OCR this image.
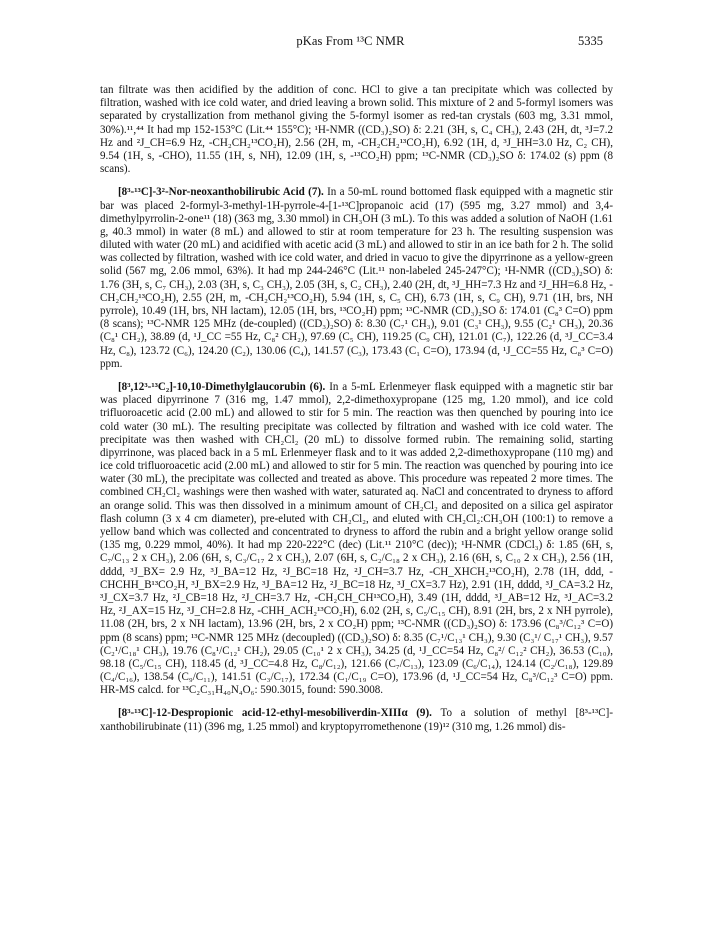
pKas From ¹³C NMR	5335

tan filtrate was then acidified by the addition of conc. HCl to give a tan precipitate which was collected by filtration, washed with ice cold water, and dried leaving a brown solid. This mixture of 2 and 5-formyl isomers was separated by crystallization from methanol giving the 5-formyl isomer as red-tan crystals (603 mg, 3.31 mmol, 30%).¹¹,⁴⁴ It had mp 152-153°C (Lit.⁴⁴ 155°C); ¹H-NMR ((CD₃)₂SO) δ: 2.21 (3H, s, C₄ CH₃), 2.43 (2H, dt, ³J=7.2 Hz and ²J_CH=6.9 Hz, -CH₂CH₂¹³CO₂H), 2.56 (2H, m, -CH₂CH₂¹³CO₂H), 6.92 (1H, d, ³J_HH=3.0 Hz, C₂ CH), 9.54 (1H, s, -CHO), 11.55 (1H, s, NH), 12.09 (1H, s, -¹³CO₂H) ppm; ¹³C-NMR (CD₃)₂SO δ: 174.02 (s) ppm (8 scans).

[8³-¹³C]-3²-Nor-neoxanthobilirubic Acid (7). In a 50-mL round bottomed flask equipped with a magnetic stir bar was placed 2-formyl-3-methyl-1H-pyrrole-4-[1-¹³C]propanoic acid (17) (595 mg, 3.27 mmol) and 3,4-dimethylpyrrolin-2-one¹¹ (18) (363 mg, 3.30 mmol) in CH₃OH (3 mL). To this was added a solution of NaOH (1.61 g, 40.3 mmol) in water (8 mL) and allowed to stir at room temperature for 23 h. The resulting suspension was diluted with water (20 mL) and acidified with acetic acid (3 mL) and allowed to stir in an ice bath for 2 h. The solid was collected by filtration, washed with ice cold water, and dried in vacuo to give the dipyrrinone as a yellow-green solid (567 mg, 2.06 mmol, 63%). It had mp 244-246°C (Lit.¹¹ non-labeled 245-247°C); ¹H-NMR ((CD₃)₂SO) δ: 1.76 (3H, s, C₇ CH₃), 2.03 (3H, s, C₃ CH₃), 2.05 (3H, s, C₂ CH₃), 2.40 (2H, dt, ³J_HH=7.3 Hz and ²J_HH=6.8 Hz, -CH₂CH₂¹³CO₂H), 2.55 (2H, m, -CH₂CH₂¹³CO₂H), 5.94 (1H, s, C₅ CH), 6.73 (1H, s, C₉ CH), 9.71 (1H, brs, NH pyrrole), 10.49 (1H, brs, NH lactam), 12.05 (1H, brs, ¹³CO₂H) ppm; ¹³C-NMR (CD₃)₂SO δ: 174.01 (C₈³ C=O) ppm (8 scans); ¹³C-NMR 125 MHz (de-coupled) ((CD₃)₂SO) δ: 8.30 (C₇¹ CH₃), 9.01 (C₃¹ CH₃), 9.55 (C₂¹ CH₃), 20.36 (C₈¹ CH₂), 38.89 (d, ¹J_CC =55 Hz, C₈² CH₂), 97.69 (C₅ CH), 119.25 (C₉ CH), 121.01 (C₇), 122.26 (d, ³J_CC=3.4 Hz, C₈), 123.72 (C₆), 124.20 (C₂), 130.06 (C₄), 141.57 (C₃), 173.43 (C₁ C=O), 173.94 (d, ¹J_CC=55 Hz, C₈³ C=O) ppm.

[8³,12³-¹³C₂]-10,10-Dimethylglaucorubin (6). In a 5-mL Erlenmeyer flask equipped with a magnetic stir bar was placed dipyrrinone 7 (316 mg, 1.47 mmol), 2,2-dimethoxypropane (125 mg, 1.20 mmol), and ice cold trifluoroacetic acid (2.00 mL) and allowed to stir for 5 min. The reaction was then quenched by pouring into ice cold water (30 mL). The resulting precipitate was collected by filtration and washed with ice cold water. The precipitate was then washed with CH₂Cl₂ (20 mL) to dissolve formed rubin. The remaining solid, starting dipyrrinone, was placed back in a 5 mL Erlenmeyer flask and to it was added 2,2-dimethoxypropane (110 mg) and ice cold trifluoroacetic acid (2.00 mL) and allowed to stir for 5 min. The reaction was quenched by pouring into ice water (30 mL), the precipitate was collected and treated as above. This procedure was repeated 2 more times. The combined CH₂Cl₂ washings were then washed with water, saturated aq. NaCl and concentrated to dryness to afford an orange solid. This was then dissolved in a minimum amount of CH₂Cl₂ and deposited on a silica gel aspirator flash column (3 x 4 cm diameter), pre-eluted with CH₂Cl₂, and eluted with CH₂Cl₂:CH₃OH (100:1) to remove a yellow band which was collected and concentrated to dryness to afford the rubin and a bright yellow orange solid (135 mg, 0.229 mmol, 40%). It had mp 220-222°C (dec) (Lit.¹¹ 210°C (dec)); ¹H-NMR (CDCl₃) δ: 1.85 (6H, s, C₇/C₁₃ 2 x CH₃), 2.06 (6H, s, C₃/C₁₇ 2 x CH₃), 2.07 (6H, s, C₂/C₁₈ 2 x CH₃), 2.16 (6H, s, C₁₀ 2 x CH₃), 2.56 (1H, dddd, ³J_BX= 2.9 Hz, ³J_BA=12 Hz, ²J_BC=18 Hz, ²J_CH=3.7 Hz, -CH_XHCH₂¹³CO₂H), 2.78 (1H, ddd, -CHCHH_B¹³CO₂H, ³J_BX=2.9 Hz, ³J_BA=12 Hz, ²J_BC=18 Hz, ³J_CX=3.7 Hz), 2.91 (1H, dddd, ³J_CA=3.2 Hz, ³J_CX=3.7 Hz, ²J_CB=18 Hz, ²J_CH=3.7 Hz, -CH₂CH_CH¹³CO₂H), 3.49 (1H, dddd, ³J_AB=12 Hz, ³J_AC=3.2 Hz, ²J_AX=15 Hz, ³J_CH=2.8 Hz, -CHH_ACH₂¹³CO₂H), 6.02 (2H, s, C₅/C₁₅ CH), 8.91 (2H, brs, 2 x NH pyrrole), 11.08 (2H, brs, 2 x NH lactam), 13.96 (2H, brs, 2 x CO₂H) ppm; ¹³C-NMR ((CD₃)₂SO) δ: 173.96 (C₈³/C₁₂³ C=O) ppm (8 scans) ppm; ¹³C-NMR 125 MHz (decoupled) ((CD₃)₂SO) δ: 8.35 (C₇¹/C₁₃¹ CH₃), 9.30 (C₃¹/ C₁₇¹ CH₃), 9.57 (C₂¹/C₁₈¹ CH₃), 19.76 (C₈¹/C₁₂¹ CH₂), 29.05 (C₁₀¹ 2 x CH₃), 34.25 (d, ¹J_CC=54 Hz, C₈²/ C₁₂² CH₂), 36.53 (C₁₀), 98.18 (C₅/C₁₅ CH), 118.45 (d, ³J_CC=4.8 Hz, C₈/C₁₂), 121.66 (C₇/C₁₃), 123.09 (C₆/C₁₄), 124.14 (C₂/C₁₈), 129.89 (C₄/C₁₆), 138.54 (C₉/C₁₁), 141.51 (C₃/C₁₇), 172.34 (C₁/C₁₉ C=O), 173.96 (d, ¹J_CC=54 Hz, C₈³/C₁₂³ C=O) ppm. HR-MS calcd. for ¹³C₂C₃₁H₄₀N₄O₆: 590.3015, found: 590.3008.

[8³-¹³C]-12-Despropionic acid-12-ethyl-mesobiliverdin-XIIIα (9). To a solution of methyl [8³-¹³C]-xanthobilirubinate (11) (396 mg, 1.25 mmol) and kryptopyrromethenone (19)¹² (310 mg, 1.26 mmol) dis-
